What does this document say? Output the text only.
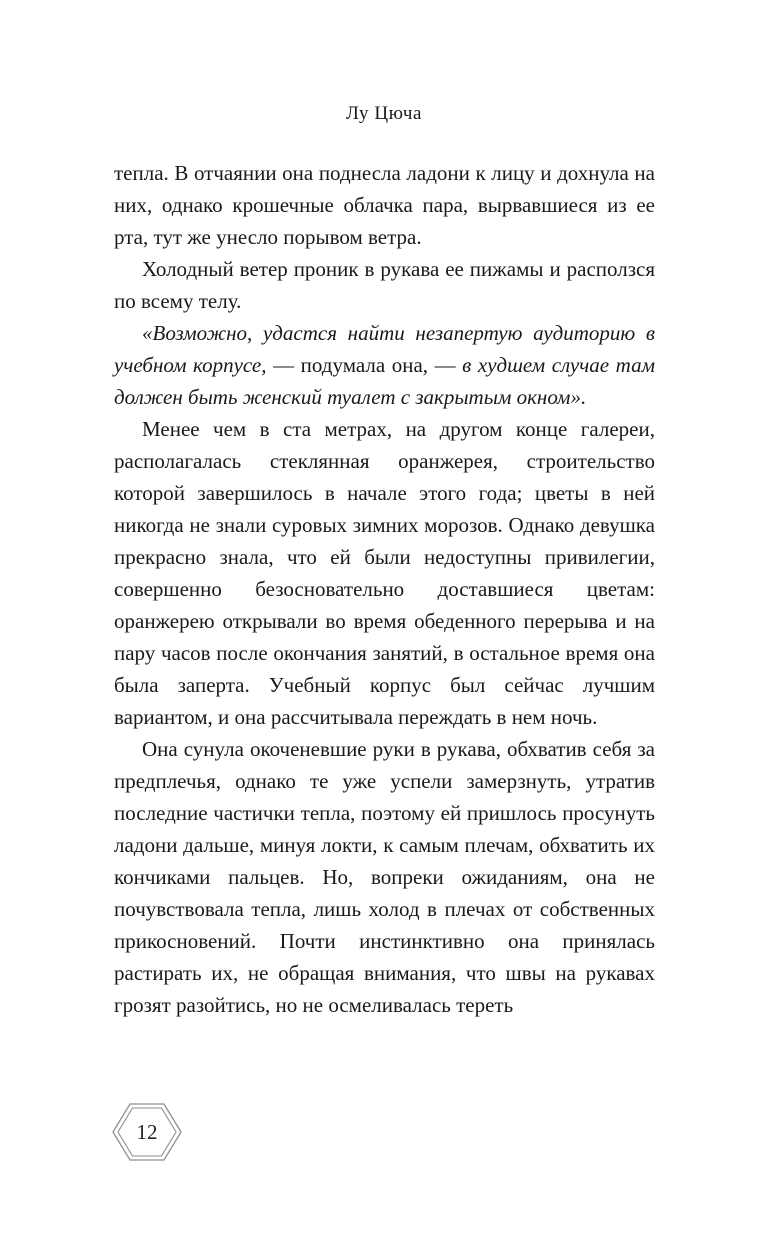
Лу Цюча

тепла. В отчаянии она поднесла ладони к лицу и дохнула на них, однако крошечные облачка пара, вырвавшиеся из ее рта, тут же унесло порывом ветра.

Холодный ветер проник в рукава ее пижамы и расползся по всему телу.

«Возможно, удастся найти незапертую аудиторию в учебном корпусе, — подумала она, — в худшем случае там должен быть женский туалет с закрытым окном».

Менее чем в ста метрах, на другом конце галереи, располагалась стеклянная оранжерея, строительство которой завершилось в начале этого года; цветы в ней никогда не знали суровых зимних морозов. Однако девушка прекрасно знала, что ей были недоступны привилегии, совершенно безосновательно доставшиеся цветам: оранжерею открывали во время обеденного перерыва и на пару часов после окончания занятий, в остальное время она была заперта. Учебный корпус был сейчас лучшим вариантом, и она рассчитывала переждать в нем ночь.

Она сунула окоченевшие руки в рукава, обхватив себя за предплечья, однако те уже успели замерзнуть, утратив последние частички тепла, поэтому ей пришлось просунуть ладони дальше, минуя локти, к самым плечам, обхватить их кончиками пальцев. Но, вопреки ожиданиям, она не почувствовала тепла, лишь холод в плечах от собственных прикосновений. Почти инстинктивно она принялась растирать их, не обращая внимания, что швы на рукавах грозят разойтись, но не осмеливалась тереть

12
